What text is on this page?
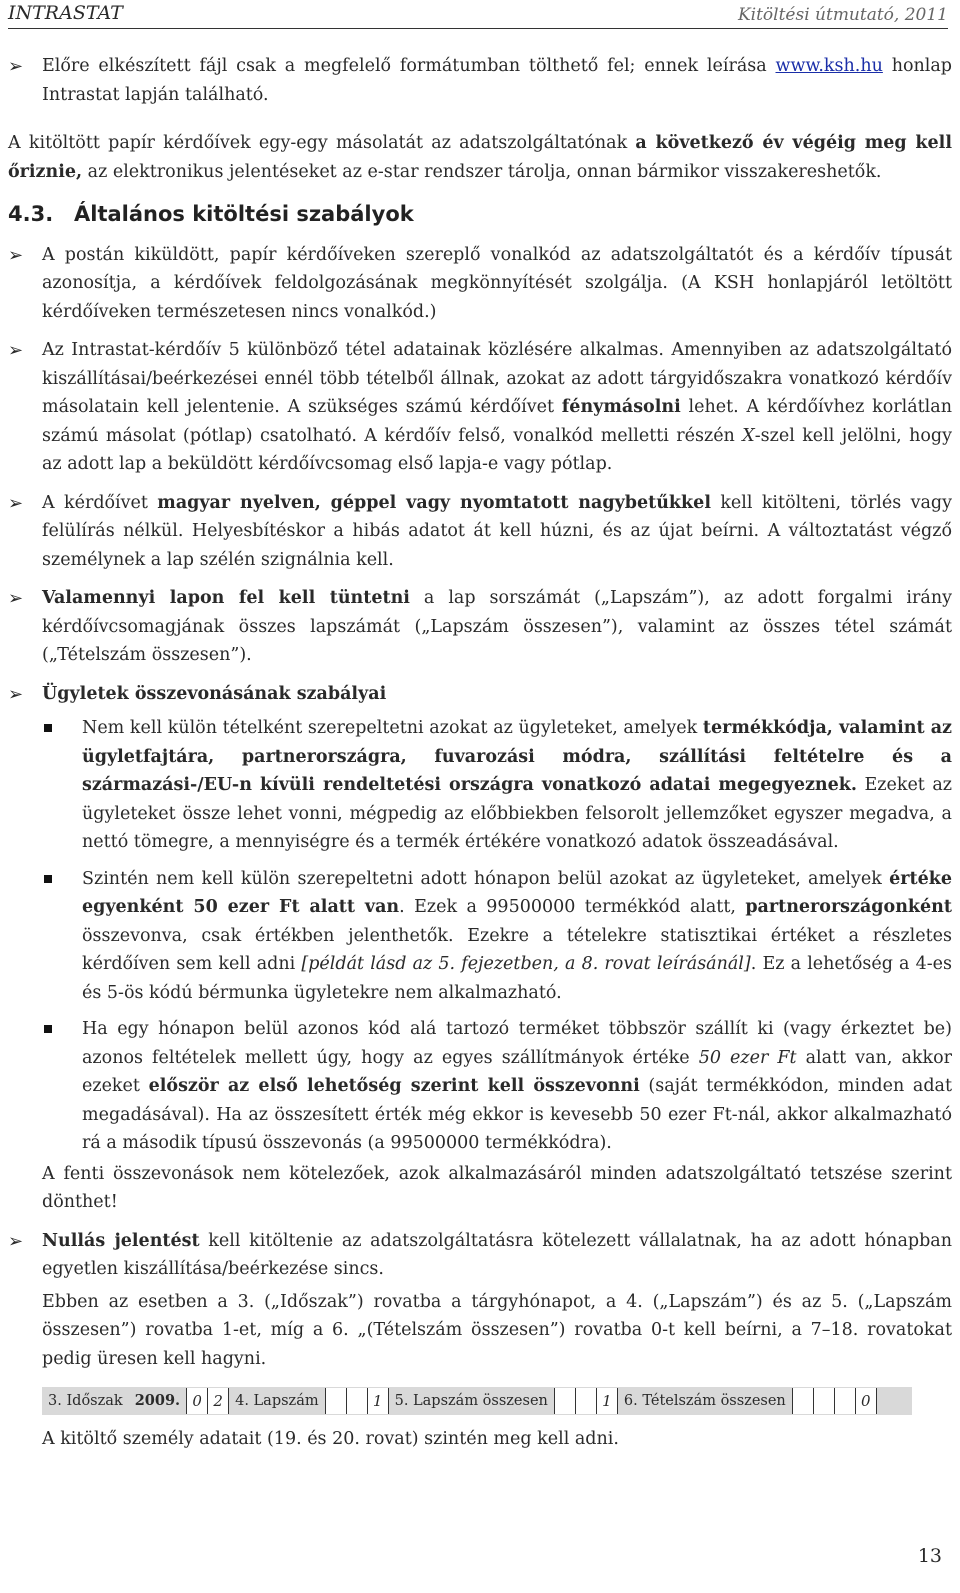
INTRASTAT	Kitöltési útmutató, 2011
➢ Előre elkészített fájl csak a megfelelő formátumban tölthető fel; ennek leírása www.ksh.hu honlap Intrastat lapján található.

A kitöltött papír kérdőívek egy-egy másolatát az adatszolgáltatónak a következő év végéig meg kell őriznie, az elektronikus jelentéseket az e-star rendszer tárolja, onnan bármikor visszakereshetők.

4.3. Általános kitöltési szabályok
➢ A postán kiküldött, papír kérdőíveken szereplő vonalkód az adatszolgáltatót és a kérdőív típusát azonosítja, a kérdőívek feldolgozásának megkönnyítését szolgálja. (A KSH honlapjáról letöltött kérdőíveken természetesen nincs vonalkód.)
➢ Az Intrastat-kérdőív 5 különböző tétel adatainak közlésére alkalmas. Amennyiben az adatszolgáltató kiszállításai/beérkezései ennél több tételből állnak, azokat az adott tárgyidőszakra vonatkozó kérdőív másolatain kell jelentenie. A szükséges számú kérdőívet fénymásolni lehet. A kérdőívhez korlátlan számú másolat (pótlap) csatolható. A kérdőív felső, vonalkód melletti részén X-szel kell jelölni, hogy az adott lap a beküldött kérdőívcsomag első lapja-e vagy pótlap.
➢ A kérdőívet magyar nyelven, géppel vagy nyomtatott nagybetűkkel kell kitölteni, törlés vagy felülírás nélkül. Helyesbítéskor a hibás adatot át kell húzni, és az újat beírni. A változtatást végző személynek a lap szélén szignálnia kell.
➢ Valamennyi lapon fel kell tüntetni a lap sorszámát („Lapszám”), az adott forgalmi irány kérdőívcsomagjának összes lapszámát („Lapszám összesen”), valamint az összes tétel számát („Tételszám összesen”).
➢ Ügyletek összevonásának szabályai
Nem kell külön tételként szerepeltetni azokat az ügyleteket, amelyek termékkódja, valamint az ügyletfajtára, partnerországra, fuvarozási módra, szállítási feltételre és a származási-/EU-n kívüli rendeltetési országra vonatkozó adatai megegyeznek. Ezeket az ügyleteket össze lehet vonni, mégpedig az előbbiekben felsorolt jellemzőket egyszer megadva, a nettó tömegre, a mennyiségre és a termék értékére vonatkozó adatok összeadásával.
Szintén nem kell külön szerepeltetni adott hónapon belül azokat az ügyleteket, amelyek értéke egyenként 50 ezer Ft alatt van. Ezek a 99500000 termékkód alatt, partnerországonként összevonva, csak értékben jelenthetők. Ezekre a tételekre statisztikai értéket a részletes kérdőíven sem kell adni [példát lásd az 5. fejezetben, a 8. rovat leírásánál]. Ez a lehetőség a 4-es és 5-ös kódú bérmunka ügyletekre nem alkalmazható.
Ha egy hónapon belül azonos kód alá tartozó terméket többször szállít ki (vagy érkeztet be) azonos feltételek mellett úgy, hogy az egyes szállítmányok értéke 50 ezer Ft alatt van, akkor ezeket először az első lehetőség szerint kell összevonni (saját termékkódon, minden adat megadásával). Ha az összesített érték még ekkor is kevesebb 50 ezer Ft-nál, akkor alkalmazható rá a második típusú összevonás (a 99500000 termékkódra).

A fenti összevonások nem kötelezőek, azok alkalmazásáról minden adatszolgáltató tetszése szerint dönthet!

➢ Nullás jelentést kell kitöltenie az adatszolgáltatásra kötelezett vállalatnak, ha az adott hónapban egyetlen kiszállítása/beérkezése sincs.

Ebben az esetben a 3. („Időszak”) rovatba a tárgyhónapot, a 4. („Lapszám”) és az 5. („Lapszám összesen”) rovatba 1-et, míg a 6. „(Tételszám összesen”) rovatba 0-t kell beírni, a 7–18. rovatokat pedig üresen kell hagyni.

3. Időszak 2009. 0 2 4. Lapszám	1 5. Lapszám összesen	1 6. Tételszám összesen	0

A kitöltő személy adatait (19. és 20. rovat) szintén meg kell adni.

13
